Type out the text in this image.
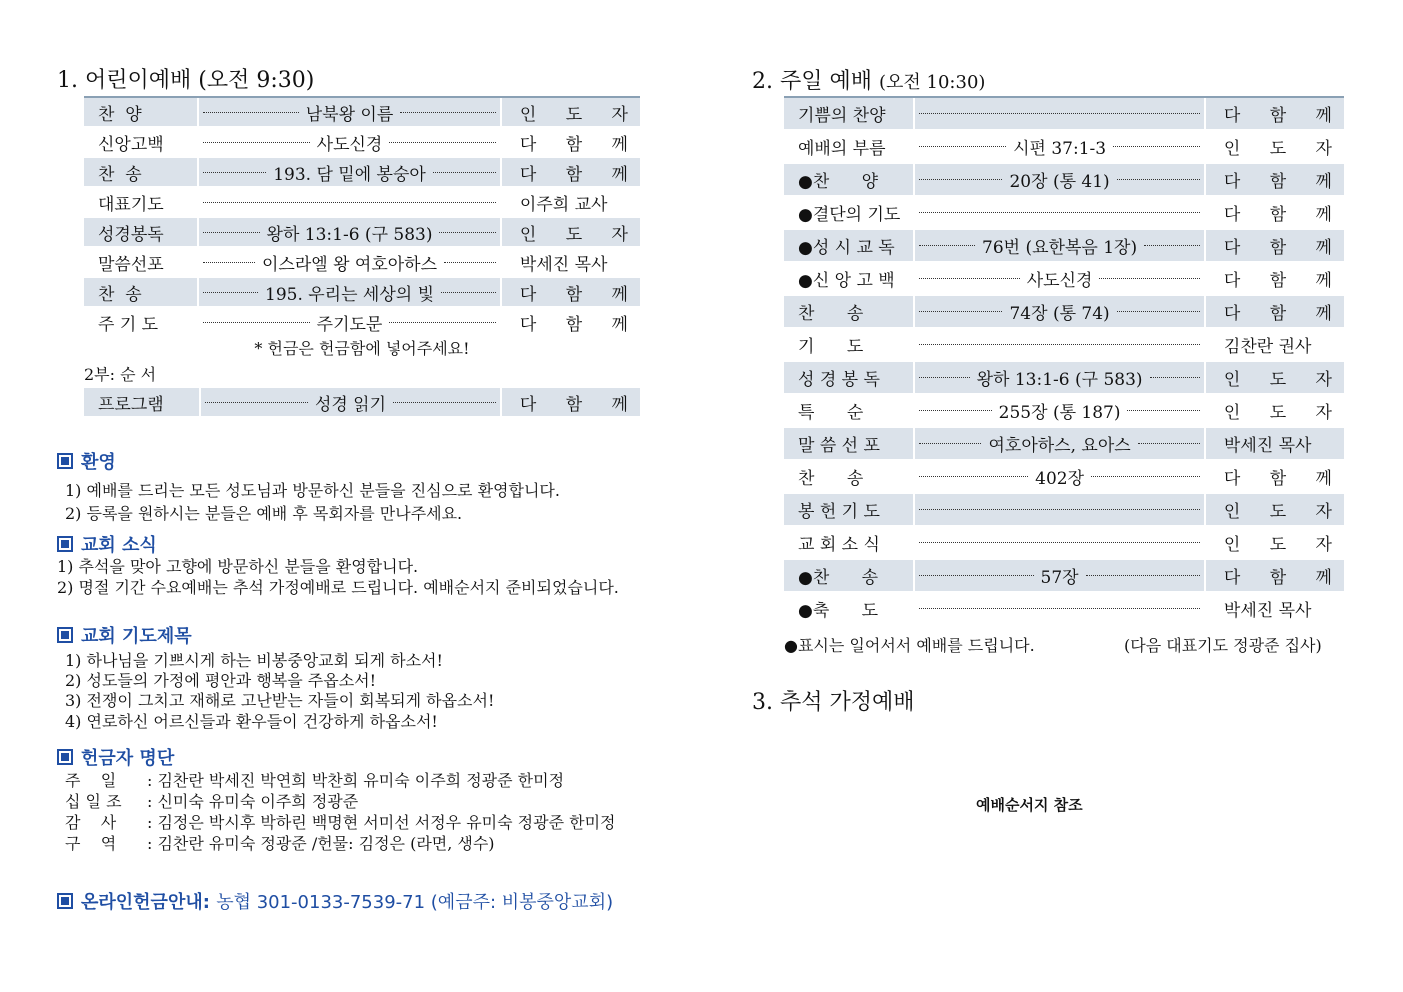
1. 어린이예배 (오전 9:30)
찬  양	남북왕 이름	인 도 자
신앙고백	사도신경	다 함 께
찬  송	193. 담 밑에 봉숭아	다 함 께
대표기도		이주희 교사
성경봉독	왕하 13:1-6 (구 583)	인 도 자
말씀선포	이스라엘 왕 여호아하스	박세진 목사
찬  송	195. 우리는 세상의 빛	다 함 께
주 기 도	주기도문	다 함 께
* 헌금은 헌금함에 넣어주세요!
2부: 순 서
프로그램	성경 읽기	다 함 께
환영
1) 예배를 드리는 모든 성도님과 방문하신 분들을 진심으로 환영합니다.
2) 등록을 원하시는 분들은 예배 후 목회자를 만나주세요.
교회 소식
1) 추석을 맞아 고향에 방문하신 분들을 환영합니다.
2) 명절 기간 수요예배는 추석 가정예배로 드립니다. 예배순서지 준비되었습니다.
교회 기도제목
1) 하나님을 기쁘시게 하는 비봉중앙교회 되게 하소서!
2) 성도들의 가정에 평안과 행복을 주옵소서!
3) 전쟁이 그치고 재해로 고난받는 자들이 회복되게 하옵소서!
4) 연로하신 어르신들과 환우들이 건강하게 하옵소서!
헌금자 명단
주    일	: 김찬란 박세진 박연희 박찬희 유미숙 이주희 정광준 한미정
십 일 조	: 신미숙 유미숙 이주희 정광준
감    사	: 김정은 박시후 박하린 백명현 서미선 서정우 유미숙 정광준 한미정
구    역	: 김찬란 유미숙 정광준 /헌물: 김정은 (라면, 생수)
온라인헌금안내: 농협 301-0133-7539-71 (예금주: 비봉중앙교회)
2. 주일 예배 (오전 10:30)
기쁨의 찬양		다 함 께
예배의 부름	시편 37:1-3	인 도 자
●찬      양	20장 (통 41)	다 함 께
●결단의 기도		다 함 께
●성 시 교 독	76번 (요한복음 1장)	다 함 께
●신 앙 고 백	사도신경	다 함 께
찬      송	74장 (통 74)	다 함 께
기      도		김찬란 권사
성 경 봉 독	왕하 13:1-6 (구 583)	인 도 자
특      순	255장 (통 187)	인 도 자
말 씀 선 포	여호아하스, 요아스	박세진 목사
찬      송	402장	다 함 께
봉 헌 기 도		인 도 자
교 회 소 식		인 도 자
●찬      송	57장	다 함 께
●축      도		박세진 목사
●표시는 일어서서 예배를 드립니다.	(다음 대표기도 정광준 집사)
3. 추석 가정예배
예배순서지 참조
